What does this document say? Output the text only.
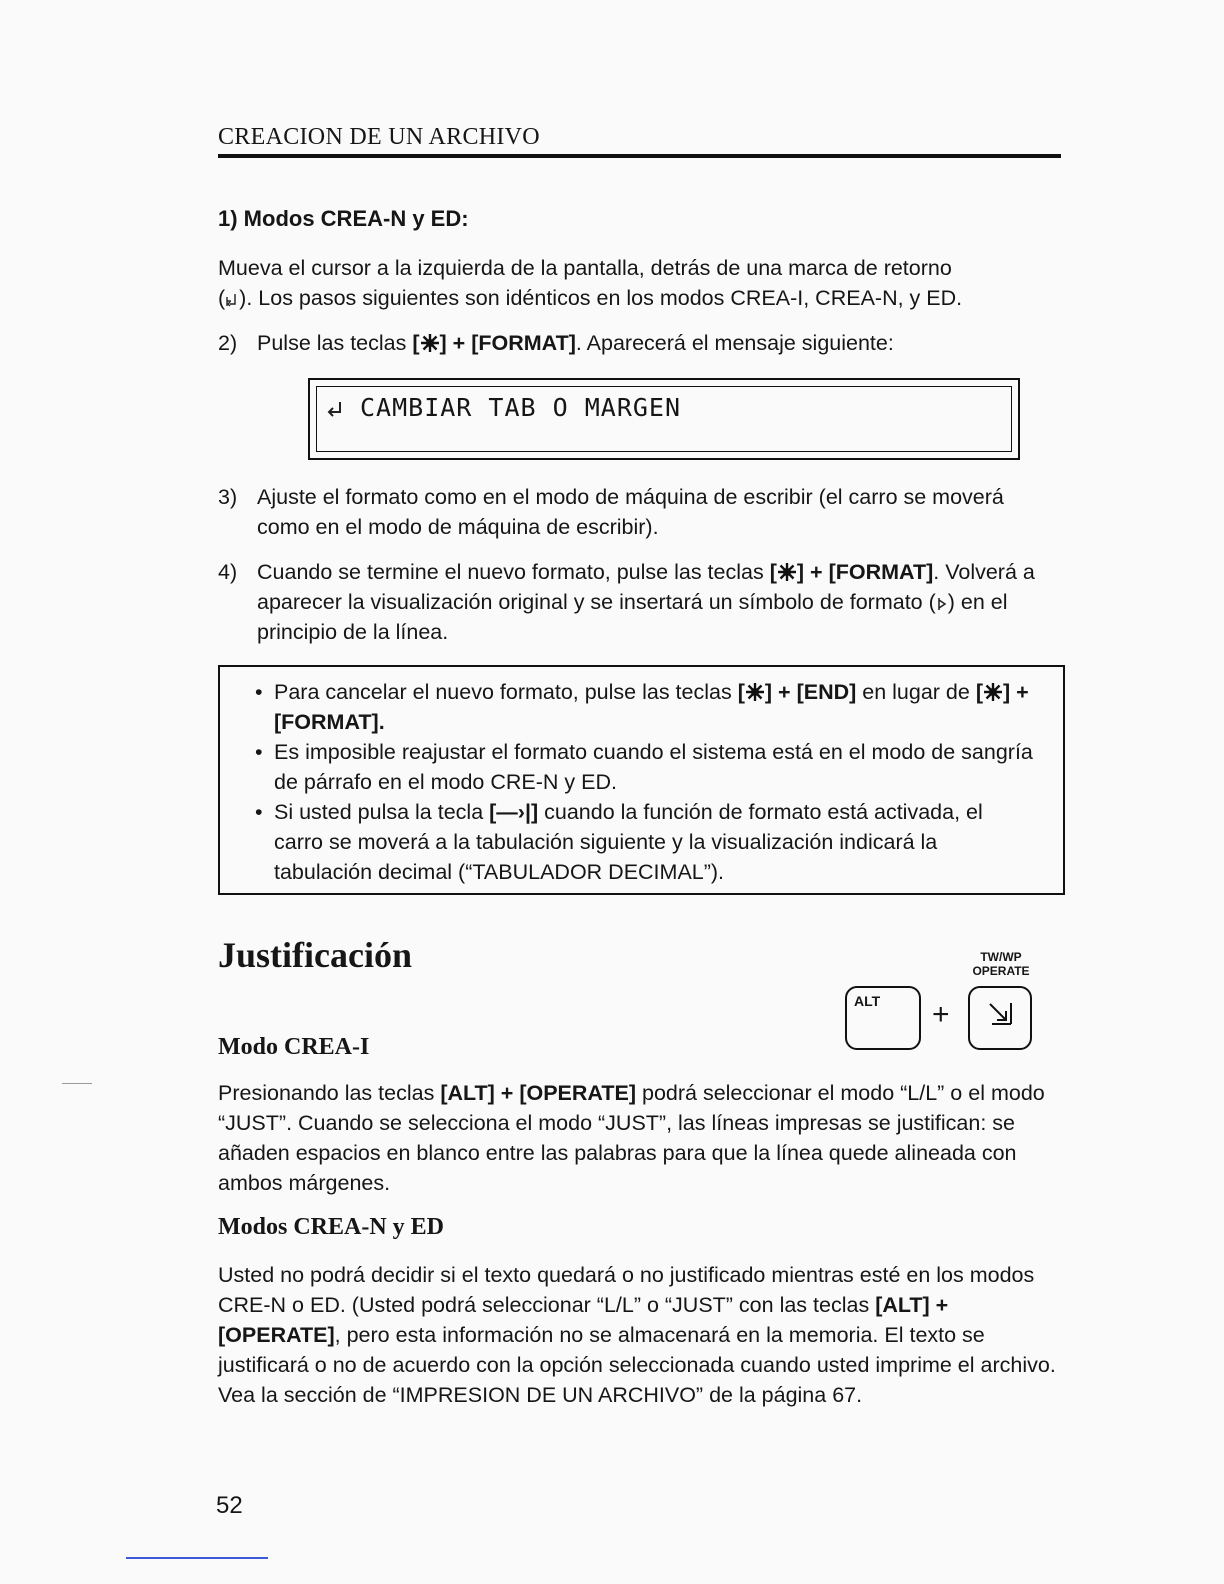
CREACION DE UN ARCHIVO
1) Modos CREA-N y ED:

Mueva el cursor a la izquierda de la pantalla, detrás de una marca de retorno
( ). Los pasos siguientes son idénticos en los modos CREA-I, CREA-N, y ED.

2) Pulse las teclas [ ] + [FORMAT]. Aparecerá el mensaje siguiente:
CAMBIAR TAB O MARGEN
3) Ajuste el formato como en el modo de máquina de escribir (el carro se moverá como en el modo de máquina de escribir).
4) Cuando se termine el nuevo formato, pulse las teclas [ ] + [FORMAT]. Volverá a aparecer la visualización original y se insertará un símbolo de formato ( ) en el principio de la línea.
• Para cancelar el nuevo formato, pulse las teclas [ ] + [END] en lugar de [ ] + [FORMAT].
• Es imposible reajustar el formato cuando el sistema está en el modo de sangría de párrafo en el modo CRE-N y ED.
• Si usted pulsa la tecla [—›|] cuando la función de formato está activada, el carro se moverá a la tabulación siguiente y la visualización indicará la tabulación decimal (“TABULADOR DECIMAL”).
Justificación	TW/WP
OPERATE
ALT +
Modo CREA-I

Presionando las teclas [ALT] + [OPERATE] podrá seleccionar el modo “L/L” o el modo “JUST”. Cuando se selecciona el modo “JUST”, las líneas impresas se justifican: se añaden espacios en blanco entre las palabras para que la línea quede alineada con ambos márgenes.

Modos CREA-N y ED

Usted no podrá decidir si el texto quedará o no justificado mientras esté en los modos CRE-N o ED. (Usted podrá seleccionar “L/L” o “JUST” con las teclas [ALT] + [OPERATE], pero esta información no se almacenará en la memoria. El texto se justificará o no de acuerdo con la opción seleccionada cuando usted imprime el archivo. Vea la sección de “IMPRESION DE UN ARCHIVO” de la página 67.

52
